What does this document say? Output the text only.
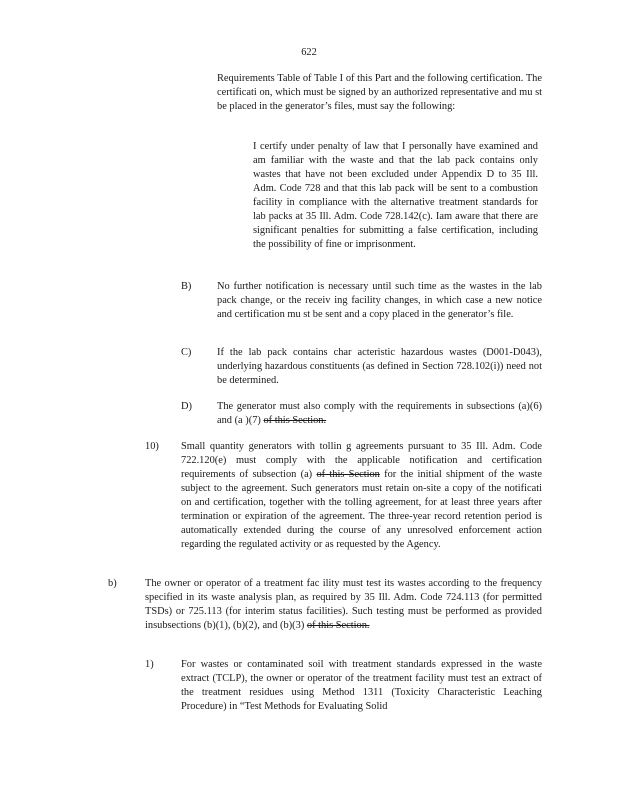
622
Requirements Table of Table I of this Part and the following certification. The certificati on, which must be signed by an authorized representative and mu st be placed in the generator’s files, must say the following:
I certify under penalty of law that I personally have examined and am familiar with the waste and that the lab pack contains only wastes that have not been excluded under Appendix D to 35 Ill. Adm. Code 728 and that this lab pack will be sent to a combustion facility in compliance with the alternative treatment standards for lab packs at 35 Ill. Adm. Code 728.142(c). Iam aware that there are significant penalties for submitting a false certification, including the possibility of fine or imprisonment.
B) No further notification is necessary until such time as the wastes in the lab pack change, or the receiv ing facility changes, in which case a new notice and certification mu st be sent and a copy placed in the generator’s file.
C) If the lab pack contains char acteristic hazardous wastes (D001-D043), underlying hazardous constituents (as defined in Section 728.102(i)) need not be determined.
D) The generator must also comply with the requirements in subsections (a)(6) and (a )(7) of this Section.
10) Small quantity generators with tollin g agreements pursuant to 35 Ill. Adm. Code 722.120(e) must comply with the applicable notification and certification requirements of subsection (a) of this Section for the initial shipment of the waste subject to the agreement. Such generators must retain on-site a copy of the notificati on and certification, together with the tolling agreement, for at least three years after termination or expiration of the agreement. The three-year record retention period is automatically extended during the course of any unresolved enforcement action regarding the regulated activity or as requested by the Agency.
b)	The owner or operator of a treatment fac ility must test its wastes according to the frequency specified in its waste analysis plan, as required by 35 Ill. Adm. Code 724.113 (for permitted TSDs) or 725.113 (for interim status facilities). Such testing must be performed as provided insubsections (b)(1), (b)(2), and (b)(3) of this Section.
1)	For wastes or contaminated soil with treatment standards expressed in the waste extract (TCLP), the owner or operator of the treatment facility must test an extract of the treatment residues using Method 1311 (Toxicity Characteristic Leaching Procedure) in “Test Methods for Evaluating Solid
